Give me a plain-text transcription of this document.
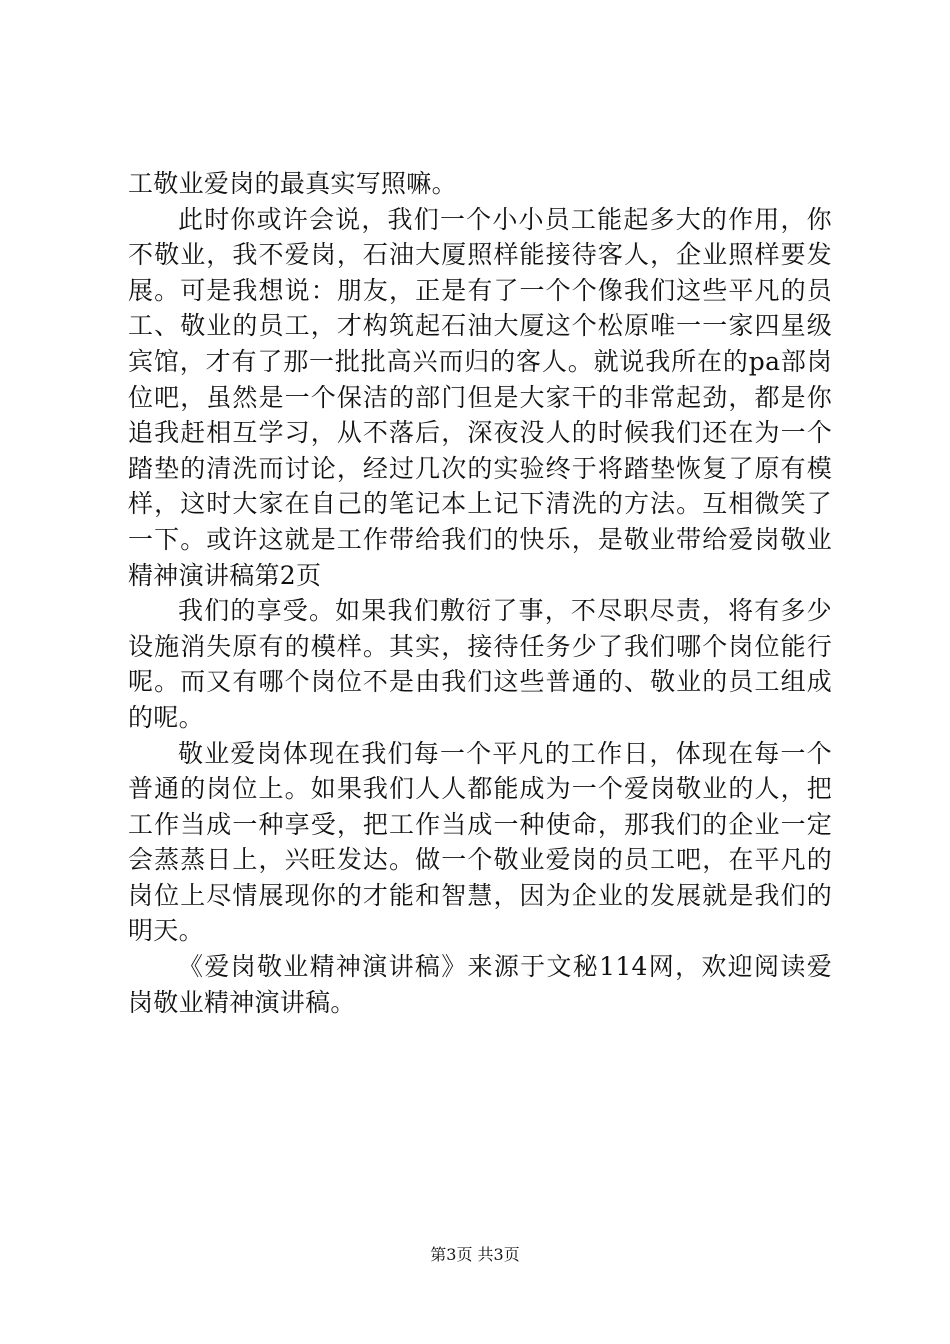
工敬业爱岗的最真实写照嘛。

此时你或许会说，我们一个小小员工能起多大的作用，你不敬业，我不爱岗，石油大厦照样能接待客人，企业照样要发展。可是我想说：朋友，正是有了一个个像我们这些平凡的员工、敬业的员工，才构筑起石油大厦这个松原唯一一家四星级宾馆，才有了那一批批高兴而归的客人。就说我所在的pa部岗位吧，虽然是一个保洁的部门但是大家干的非常起劲，都是你追我赶相互学习，从不落后，深夜没人的时候我们还在为一个踏垫的清洗而讨论，经过几次的实验终于将踏垫恢复了原有模样，这时大家在自己的笔记本上记下清洗的方法。互相微笑了一下。或许这就是工作带给我们的快乐，是敬业带给爱岗敬业精神演讲稿第2页

我们的享受。如果我们敷衍了事，不尽职尽责，将有多少设施消失原有的模样。其实，接待任务少了我们哪个岗位能行呢。而又有哪个岗位不是由我们这些普通的、敬业的员工组成的呢。

敬业爱岗体现在我们每一个平凡的工作日，体现在每一个普通的岗位上。如果我们人人都能成为一个爱岗敬业的人，把工作当成一种享受，把工作当成一种使命，那我们的企业一定会蒸蒸日上，兴旺发达。做一个敬业爱岗的员工吧，在平凡的岗位上尽情展现你的才能和智慧，因为企业的发展就是我们的明天。

《爱岗敬业精神演讲稿》来源于文秘114网，欢迎阅读爱岗敬业精神演讲稿。

第3页 共3页
